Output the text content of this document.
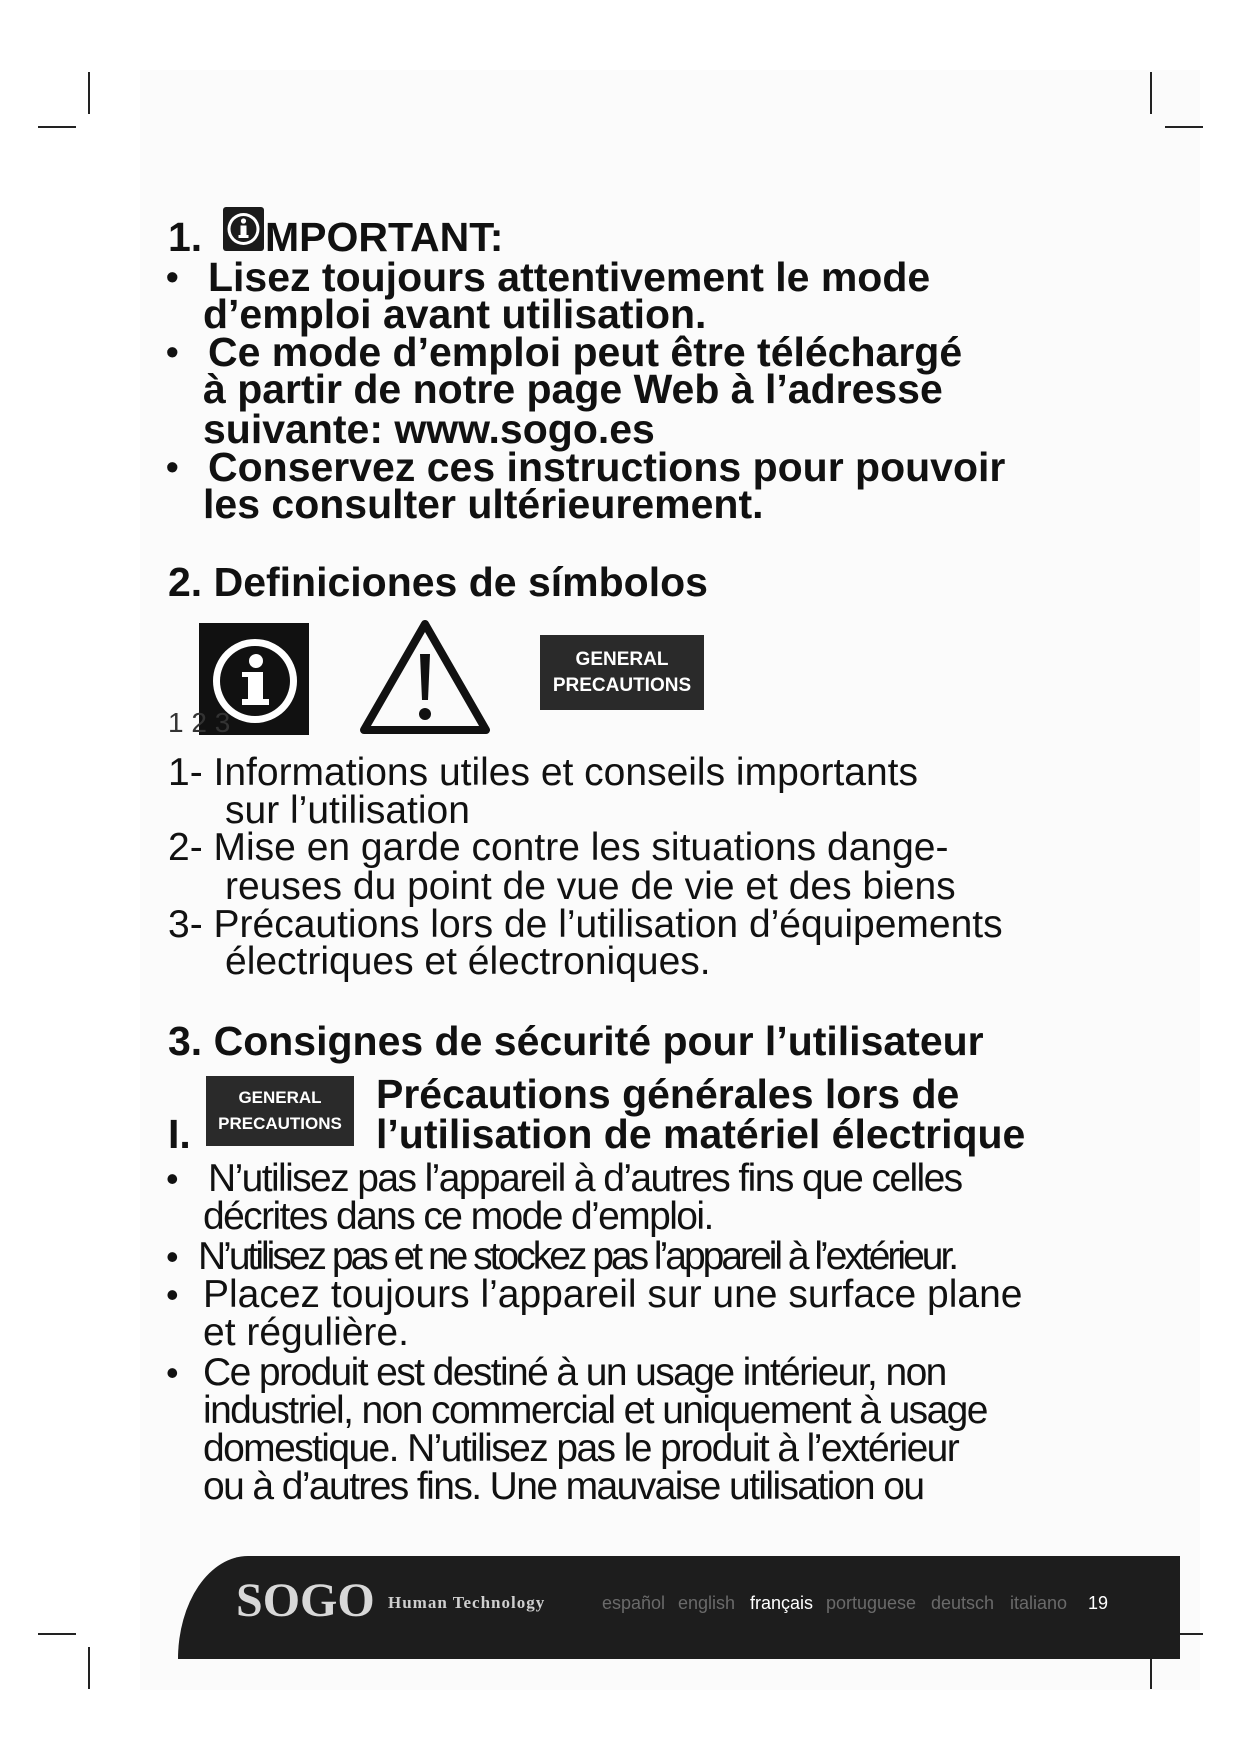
1. MPORTANT:
• Lisez toujours attentivement le mode
d’emploi avant utilisation.
• Ce mode d’emploi peut être téléchargé
à partir de notre page Web à l’adresse
suivante: www.sogo.es
• Conservez ces instructions pour pouvoir
les consulter ultérieurement.
2. Definiciones de símbolos
GENERAL
PRECAUTIONS
1 2 3
1- Informations utiles et conseils importants
sur l’utilisation
2- Mise en garde contre les situations dange-
reuses du point de vue de vie et des biens
3- Précautions lors de l’utilisation d’équipements
électriques et électroniques.
3. Consignes de sécurité pour l’utilisateur
I.
GENERAL
PRECAUTIONS
Précautions générales lors de
l’utilisation de matériel électrique
• N’utilisez pas l’appareil à d’autres fins que celles
décrites dans ce mode d’emploi.
• N’utilisez pas et ne stockez pas l’appareil à l’extérieur.
• Placez toujours l’appareil sur une surface plane
et régulière.
• Ce produit est destiné à un usage intérieur, non
industriel, non commercial et uniquement à usage
domestique. N’utilisez pas le produit à l’extérieur
ou à d’autres fins. Une mauvaise utilisation ou
SOGO Human Technology	español english français portuguese deutsch italiano 19
